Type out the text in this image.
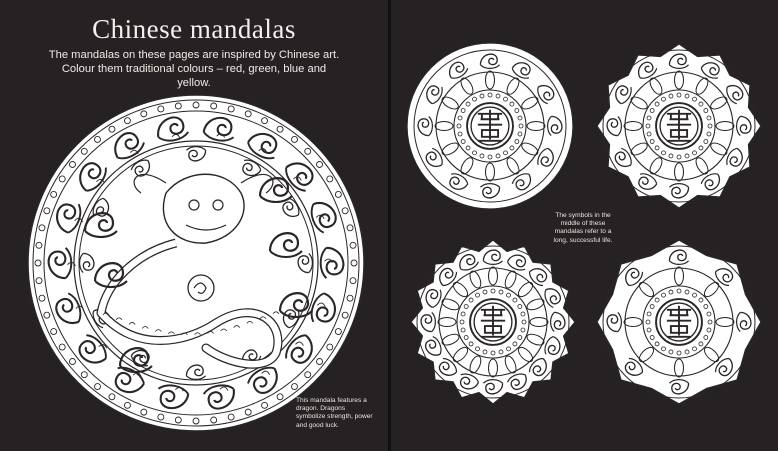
Chinese mandalas
The mandalas on these pages are inspired by Chinese art. Colour them traditional colours – red, green, blue and yellow.
This mandala features a dragon. Dragons symbolize strength, power and good luck.
The symbols in the middle of these mandalas refer to a long, successful life.
